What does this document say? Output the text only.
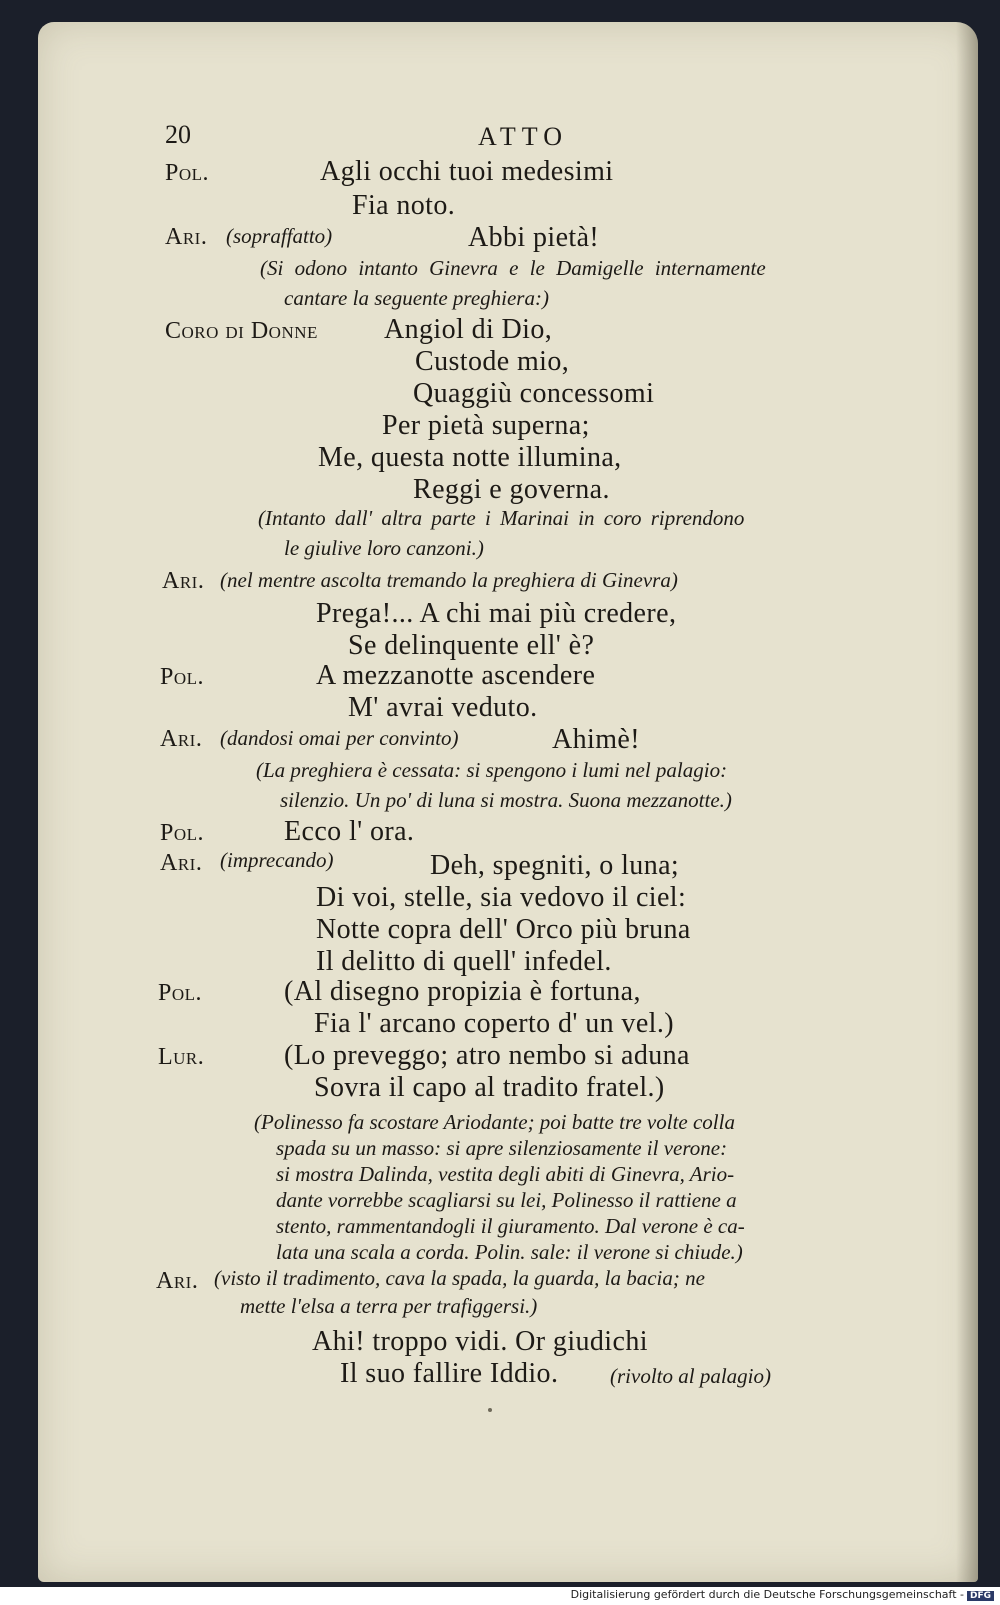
20	ATTO
Pol.	Agli occhi tuoi medesimi
Fia noto.
Ari. (sopraffatto)	Abbi pietà!
(Si odono intanto Ginevra e le Damigelle internamente
cantare la seguente preghiera:)
Coro di Donne Angiol di Dio,
Custode mio,
Quaggiù concessomi
Per pietà superna;
Me, questa notte illumina,
Reggi e governa.
(Intanto dall' altra parte i Marinai in coro riprendono
le giulive loro canzoni.)
Ari. (nel mentre ascolta tremando la preghiera di Ginevra)
Prega!... A chi mai più credere,
Se delinquente ell' è?
Pol.	A mezzanotte ascendere
M' avrai veduto.
Ari. (dandosi omai per convinto)	Ahimè!
(La preghiera è cessata: si spengono i lumi nel palagio:
silenzio. Un po' di luna si mostra. Suona mezzanotte.)
Pol.	Ecco l' ora.
Ari. (imprecando)	Deh, spegniti, o luna;
Di voi, stelle, sia vedovo il ciel:
Notte copra dell' Orco più bruna
Il delitto di quell' infedel.
Pol.	(Al disegno propizia è fortuna,
Fia l' arcano coperto d' un vel.)
Lur.	(Lo preveggo; atro nembo si aduna
Sovra il capo al tradito fratel.)
(Polinesso fa scostare Ariodante; poi batte tre volte colla
spada su un masso: si apre silenziosamente il verone:
si mostra Dalinda, vestita degli abiti di Ginevra, Ario-
dante vorrebbe scagliarsi su lei, Polinesso il rattiene a
stento, rammentandogli il giuramento. Dal verone è ca-
lata una scala a corda. Polin. sale: il verone si chiude.)
Ari. (visto il tradimento, cava la spada, la guarda, la bacia; ne
mette l'elsa a terra per trafiggersi.)
Ahi! troppo vidi. Or giudichi
Il suo fallire Iddio. (rivolto al palagio)
Digitalisierung gefördert durch die Deutsche Forschungsgemeinschaft - DFG
